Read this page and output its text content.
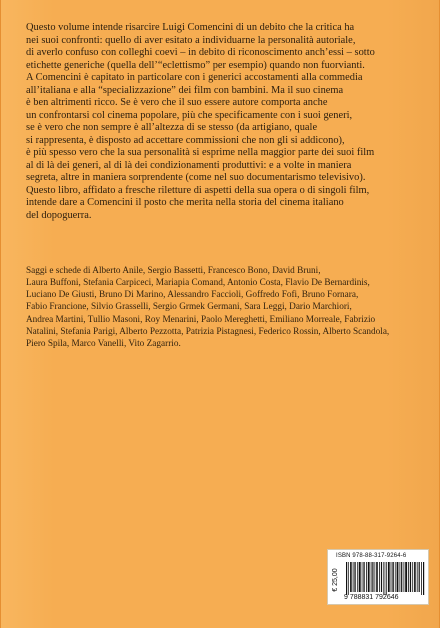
Questo volume intende risarcire Luigi Comencini di un debito che la critica ha
nei suoi confronti: quello di aver esitato a individuarne la personalità autoriale,
di averlo confuso con colleghi coevi – in debito di riconoscimento anch’essi – sotto
etichette generiche (quella dell’“eclettismo” per esempio) quando non fuorvianti.
A Comencini è capitato in particolare con i generici accostamenti alla commedia
all’italiana e alla “specializzazione” dei film con bambini. Ma il suo cinema
è ben altrimenti ricco. Se è vero che il suo essere autore comporta anche
un confrontarsi col cinema popolare, più che specificamente con i suoi generi,
se è vero che non sempre è all’altezza di se stesso (da artigiano, quale
si rappresenta, è disposto ad accettare commissioni che non gli si addicono),
è più spesso vero che la sua personalità si esprime nella maggior parte dei suoi film
al di là dei generi, al di là dei condizionamenti produttivi: e a volte in maniera
segreta, altre in maniera sorprendente (come nel suo documentarismo televisivo).
Questo libro, affidato a fresche riletture di aspetti della sua opera o di singoli film,
intende dare a Comencini il posto che merita nella storia del cinema italiano
del dopoguerra.
Saggi e schede di Alberto Anile, Sergio Bassetti, Francesco Bono, David Bruni,
Laura Buffoni, Stefania Carpiceci, Mariapia Comand, Antonio Costa, Flavio De Bernardinis,
Luciano De Giusti, Bruno Di Marino, Alessandro Faccioli, Goffredo Fofi, Bruno Fornara,
Fabio Francione, Silvio Grasselli, Sergio Grmek Germani, Sara Leggi, Dario Marchiori,
Andrea Martini, Tullio Masoni, Roy Menarini, Paolo Mereghetti, Emiliano Morreale, Fabrizio
Natalini, Stefania Parigi, Alberto Pezzotta, Patrizia Pistagnesi, Federico Rossin, Alberto Scandola,
Piero Spila, Marco Vanelli, Vito Zagarrio.
ISBN 978-88-317-9264-6
€ 25,00
9 788831 792646
